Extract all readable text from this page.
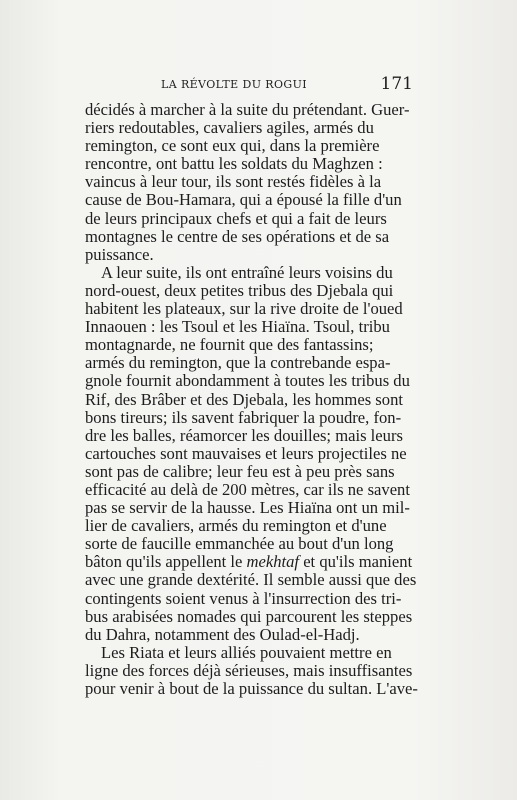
LA RÉVOLTE DU ROGUI	171

décidés à marcher à la suite du prétendant. Guer-
riers redoutables, cavaliers agiles, armés du
remington, ce sont eux qui, dans la première
rencontre, ont battu les soldats du Maghzen :
vaincus à leur tour, ils sont restés fidèles à la
cause de Bou-Hamara, qui a épousé la fille d'un
de leurs principaux chefs et qui a fait de leurs
montagnes le centre de ses opérations et de sa
puissance.

A leur suite, ils ont entraîné leurs voisins du
nord-ouest, deux petites tribus des Djebala qui
habitent les plateaux, sur la rive droite de l'oued
Innaouen : les Tsoul et les Hiaïna. Tsoul, tribu
montagnarde, ne fournit que des fantassins;
armés du remington, que la contrebande espa-
gnole fournit abondamment à toutes les tribus du
Rif, des Brâber et des Djebala, les hommes sont
bons tireurs; ils savent fabriquer la poudre, fon-
dre les balles, réamorcer les douilles; mais leurs
cartouches sont mauvaises et leurs projectiles ne
sont pas de calibre; leur feu est à peu près sans
efficacité au delà de 200 mètres, car ils ne savent
pas se servir de la hausse. Les Hiaïna ont un mil-
lier de cavaliers, armés du remington et d'une
sorte de faucille emmanchée au bout d'un long
bâton qu'ils appellent le mekhtaf et qu'ils manient
avec une grande dextérité. Il semble aussi que des
contingents soient venus à l'insurrection des tri-
bus arabisées nomades qui parcourent les steppes
du Dahra, notamment des Oulad-el-Hadj.

Les Riata et leurs alliés pouvaient mettre en
ligne des forces déjà sérieuses, mais insuffisantes
pour venir à bout de la puissance du sultan. L'ave-
